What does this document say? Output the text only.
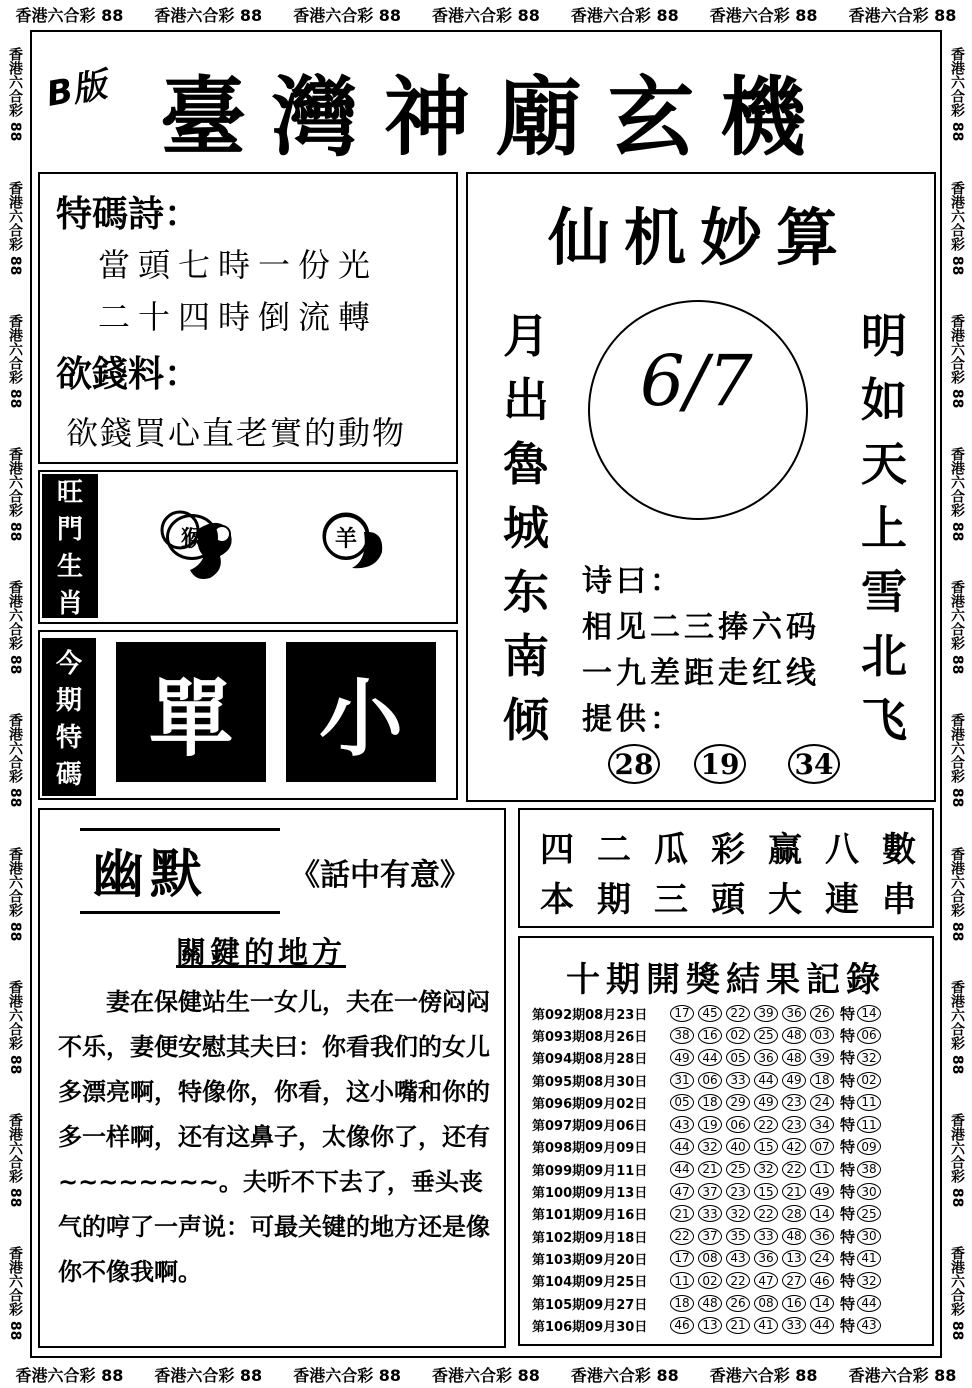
香港六合彩 88 香港六合彩 88 香港六合彩 88 香港六合彩 88 香港六合彩 88 香港六合彩 88 香港六合彩 88
香港六合彩 88 香港六合彩 88 香港六合彩 88 香港六合彩 88 香港六合彩 88 香港六合彩 88 香港六合彩 88
香港六合彩 88
香港六合彩 88
香港六合彩 88
香港六合彩 88
香港六合彩 88
香港六合彩 88
香港六合彩 88
香港六合彩 88
香港六合彩 88
香港六合彩 88
香港六合彩 88
香港六合彩 88
香港六合彩 88
香港六合彩 88
香港六合彩 88
香港六合彩 88
香港六合彩 88
香港六合彩 88
香港六合彩 88
香港六合彩 88
B版 臺灣神廟玄機
特碼詩：
當頭七時一份光
二十四時倒流轉
欲錢料：
欲錢買心直老實的動物
旺
門
生
肖
猴	羊
今
期
特
碼
單	小
仙机妙算
月
出
魯
城
东
南
倾
明
如
天
上
雪
北
飞
6/7
诗曰：
相见二三捧六码
一九差距走红线
提供：
28 19 34
幽默	《話中有意》
關鍵的地方
妻在保健站生一女儿，夫在一傍闷闷不乐，妻便安慰其夫曰：你看我们的女儿多漂亮啊，特像你，你看，这小嘴和你的多一样啊，还有这鼻子，太像你了，还有~~~~~~~~。夫听不下去了，垂头丧气的哼了一声说：可最关键的地方还是像你不像我啊。
四 二 瓜 彩 赢 八 數
本 期 三 頭 大 連 串
十期開獎結果記錄
第092期08月23日	17	45	22	39	36	26 特 14
第093期08月26日	38	16	02	25	48	03 特 06
第094期08月28日	49	44	05	36	48	39 特 32
第095期08月30日	31	06	33	44	49	18 特 02
第096期09月02日	05	18	29	49	23	24 特 11
第097期09月06日	43	19	06	22	23	34 特 11
第098期09月09日	44	32	40	15	42	07 特 09
第099期09月11日	44	21	25	32	22	11 特 38
第100期09月13日	47	37	23	15	21	49 特 30
第101期09月16日	21	33	32	22	28	14 特 25
第102期09月18日	22	37	35	33	48	36 特 30
第103期09月20日	17	08	43	36	13	24 特 41
第104期09月25日	11	02	22	47	27	46 特 32
第105期09月27日	18	48	26	08	16	14 特 44
第106期09月30日	46	13	21	41	33	44 特 43
